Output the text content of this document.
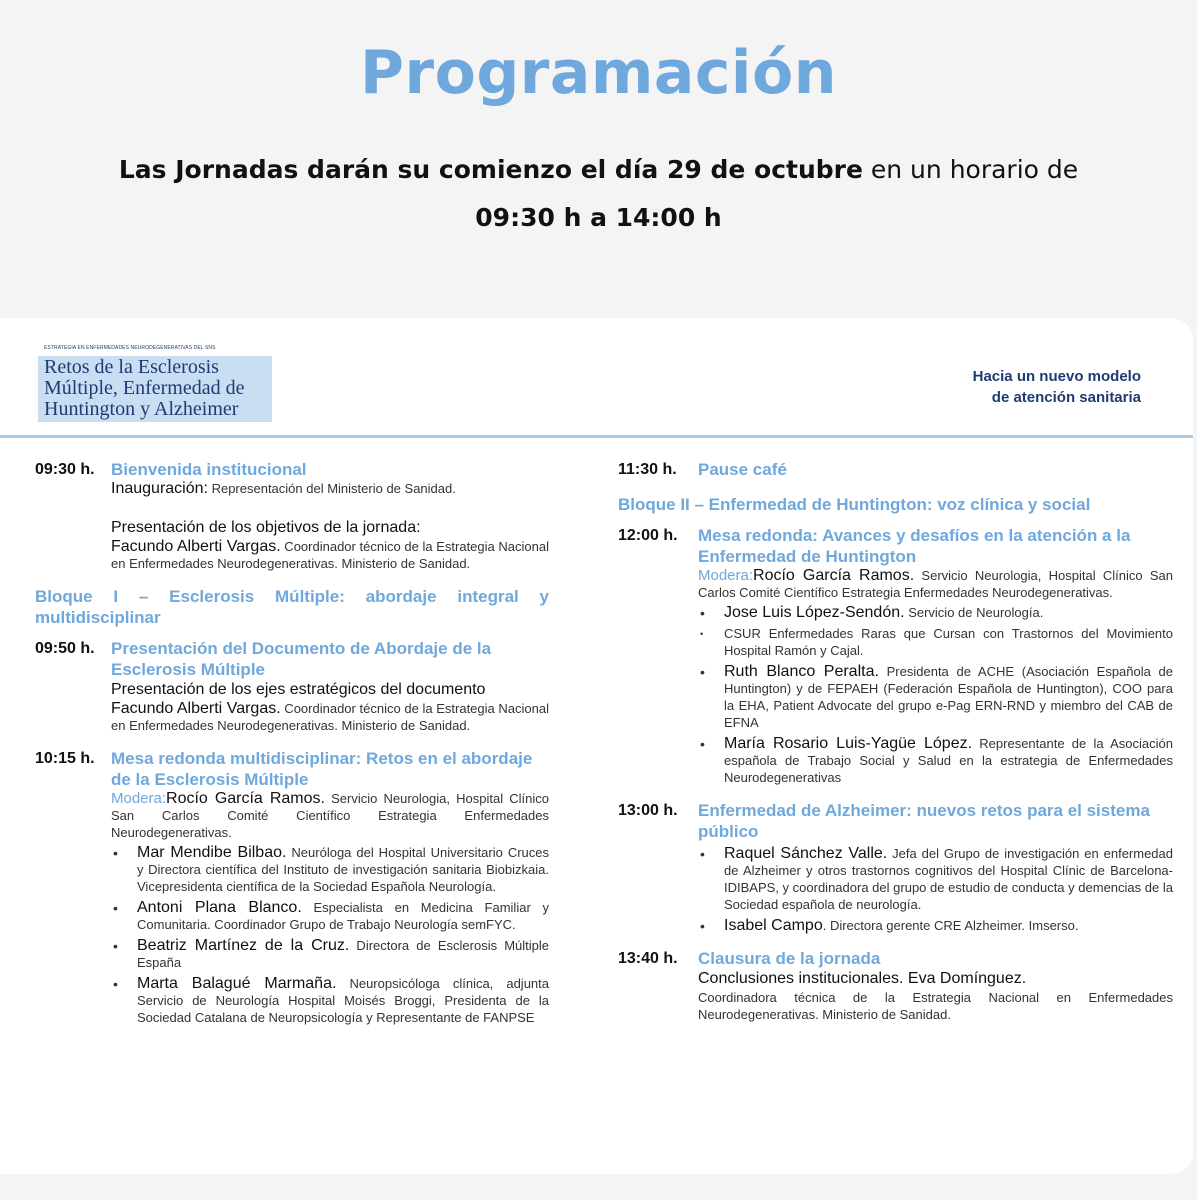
Programación
Las Jornadas darán su comienzo el día 29 de octubre en un horario de
09:30 h a 14:00 h
ESTRATEGIA EN ENFERMEDADES NEURODEGENERATIVAS DEL SNS
Retos de la Esclerosis
Múltiple, Enfermedad de
Huntington y Alzheimer
Hacia un nuevo modelo
de atención sanitaria
09:30 h. Bienvenida institucional
Inauguración: Representación del Ministerio de Sanidad.
Presentación de los objetivos de la jornada:
Facundo Alberti Vargas. Coordinador técnico de la Estrategia Nacional en Enfermedades Neurodegenerativas. Ministerio de Sanidad.
Bloque I – Esclerosis Múltiple: abordaje integral y multidisciplinar
09:50 h. Presentación del Documento de Abordaje de la Esclerosis Múltiple
Presentación de los ejes estratégicos del documento
Facundo Alberti Vargas. Coordinador técnico de la Estrategia Nacional en Enfermedades Neurodegenerativas. Ministerio de Sanidad.
10:15 h. Mesa redonda multidisciplinar: Retos en el abordaje de la Esclerosis Múltiple
Modera:Rocío García Ramos. Servicio Neurologia, Hospital Clínico San Carlos Comité Científico Estrategia Enfermedades Neurodegenerativas.
• Mar Mendibe Bilbao. Neuróloga del Hospital Universitario Cruces y Directora científica del Instituto de investigación sanitaria Biobizkaia. Vicepresidenta científica de la Sociedad Española Neurología.
• Antoni Plana Blanco. Especialista en Medicina Familiar y Comunitaria. Coordinador Grupo de Trabajo Neurología semFYC.
• Beatriz Martínez de la Cruz. Directora de Esclerosis Múltiple España
• Marta Balagué Marmaña. Neuropsicóloga clínica, adjunta Servicio de Neurología Hospital Moisés Broggi, Presidenta de la Sociedad Catalana de Neuropsicología y Representante de FANPSE
11:30 h. Pause café
Bloque II – Enfermedad de Huntington: voz clínica y social
12:00 h. Mesa redonda: Avances y desafíos en la atención a la Enfermedad de Huntington
Modera:Rocío García Ramos. Servicio Neurologia, Hospital Clínico San Carlos Comité Científico Estrategia Enfermedades Neurodegenerativas.
• Jose Luis López-Sendón. Servicio de Neurología.
• CSUR Enfermedades Raras que Cursan con Trastornos del Movimiento Hospital Ramón y Cajal.
• Ruth Blanco Peralta. Presidenta de ACHE (Asociación Española de Huntington) y de FEPAEH (Federación Española de Huntington), COO para la EHA, Patient Advocate del grupo e-Pag ERN-RND y miembro del CAB de EFNA
• María Rosario Luis-Yagüe López. Representante de la Asociación española de Trabajo Social y Salud en la estrategia de Enfermedades Neurodegenerativas
13:00 h. Enfermedad de Alzheimer: nuevos retos para el sistema público
• Raquel Sánchez Valle. Jefa del Grupo de investigación en enfermedad de Alzheimer y otros trastornos cognitivos del Hospital Clínic de Barcelona-IDIBAPS, y coordinadora del grupo de estudio de conducta y demencias de la Sociedad española de neurología.
• Isabel Campo. Directora gerente CRE Alzheimer. Imserso.
13:40 h. Clausura de la jornada
Conclusiones institucionales. Eva Domínguez.
Coordinadora técnica de la Estrategia Nacional en Enfermedades Neurodegenerativas. Ministerio de Sanidad.
